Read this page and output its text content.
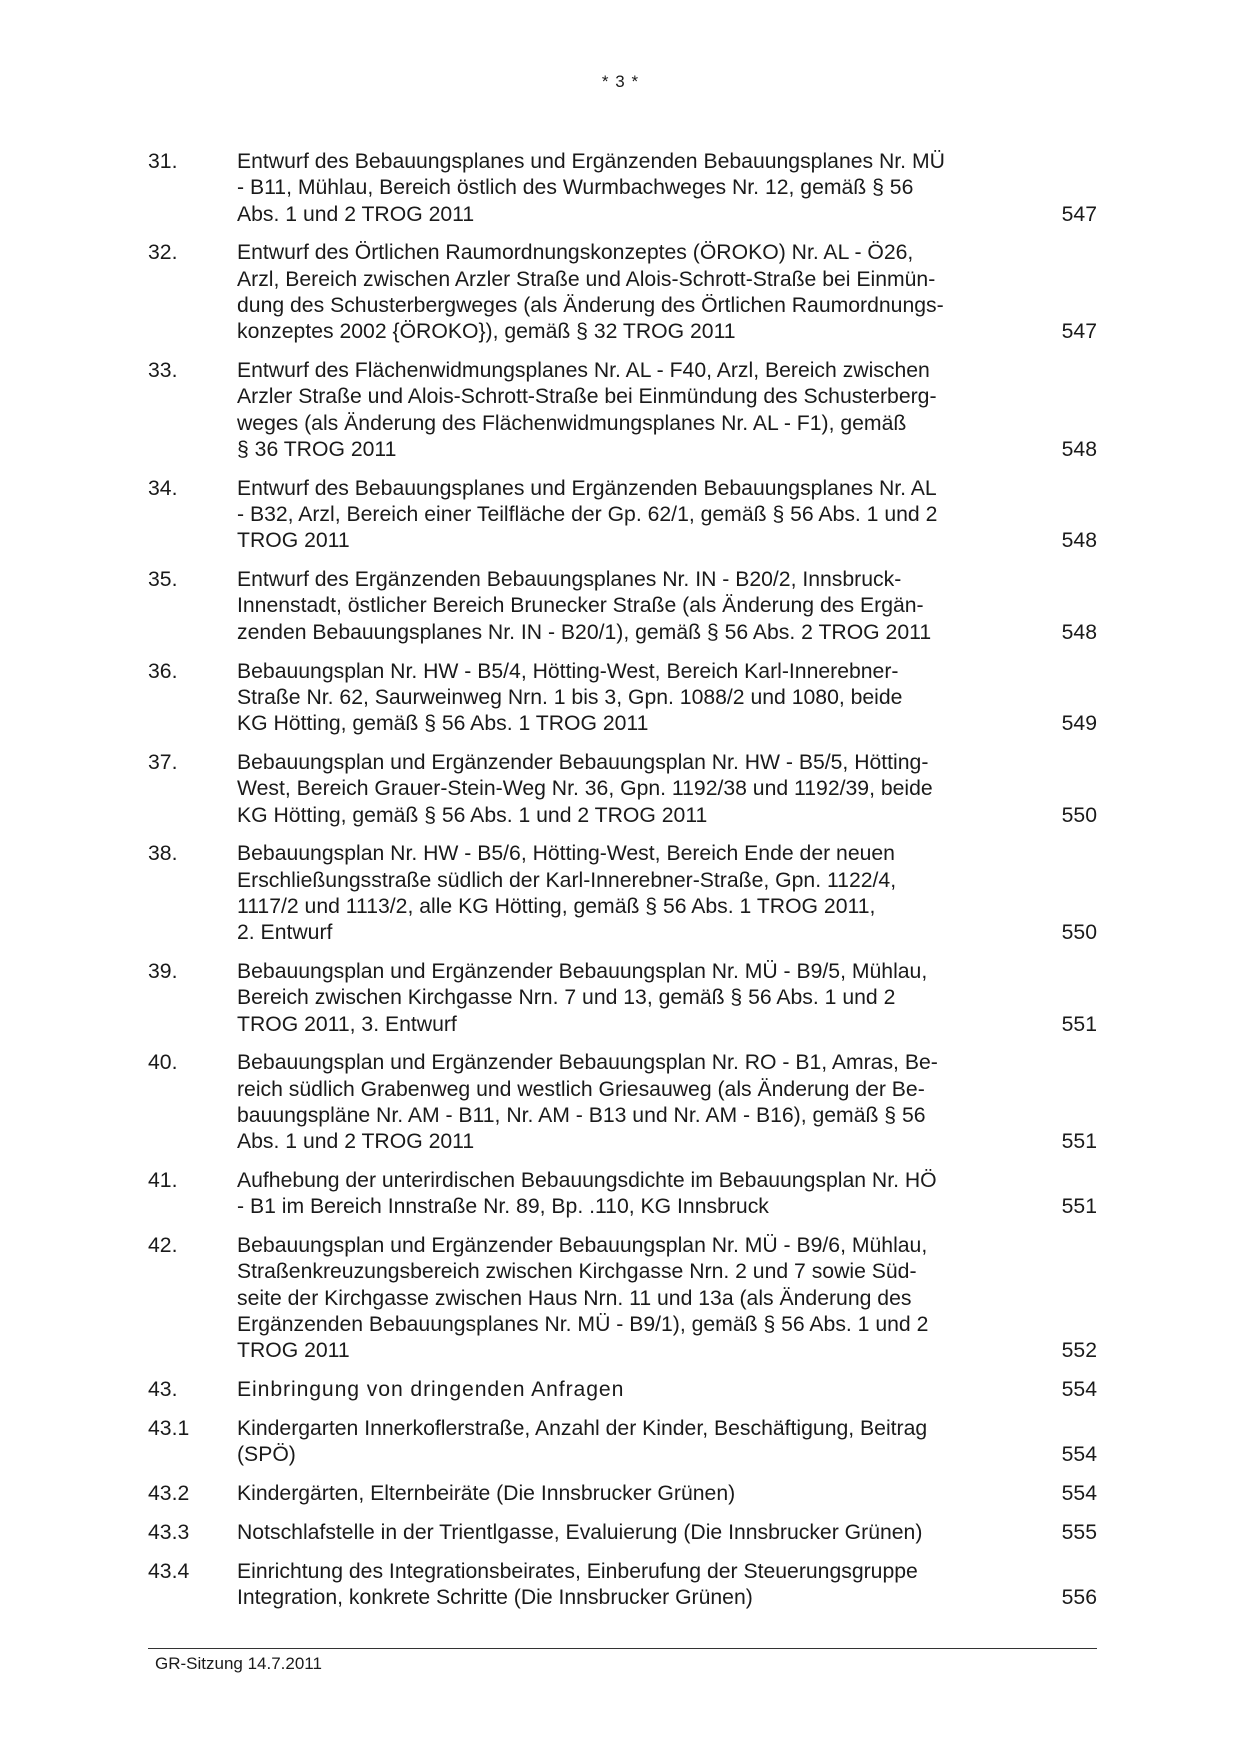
* 3 *
31.	Entwurf des Bebauungsplanes und Ergänzenden Bebauungsplanes Nr. MÜ
- B11, Mühlau, Bereich östlich des Wurmbachweges Nr. 12, gemäß § 56
Abs. 1 und 2 TROG 2011	547
32.	Entwurf des Örtlichen Raumordnungskonzeptes (ÖROKO) Nr. AL - Ö26,
Arzl, Bereich zwischen Arzler Straße und Alois-Schrott-Straße bei Einmün-
dung des Schusterbergweges (als Änderung des Örtlichen Raumordnungs-
konzeptes 2002 {ÖROKO}), gemäß § 32 TROG 2011	547
33.	Entwurf des Flächenwidmungsplanes Nr. AL - F40, Arzl, Bereich zwischen
Arzler Straße und Alois-Schrott-Straße bei Einmündung des Schusterberg-
weges (als Änderung des Flächenwidmungsplanes Nr. AL - F1), gemäß
§ 36 TROG 2011	548
34.	Entwurf des Bebauungsplanes und Ergänzenden Bebauungsplanes Nr. AL
- B32, Arzl, Bereich einer Teilfläche der Gp. 62/1, gemäß § 56 Abs. 1 und 2
TROG 2011	548
35.	Entwurf des Ergänzenden Bebauungsplanes Nr. IN - B20/2, Innsbruck-
Innenstadt, östlicher Bereich Brunecker Straße (als Änderung des Ergän-
zenden Bebauungsplanes Nr. IN - B20/1), gemäß § 56 Abs. 2 TROG 2011	548
36.	Bebauungsplan Nr. HW - B5/4, Hötting-West, Bereich Karl-Innerebner-
Straße Nr. 62, Saurweinweg Nrn. 1 bis 3, Gpn. 1088/2 und 1080, beide
KG Hötting, gemäß § 56 Abs. 1 TROG 2011	549
37.	Bebauungsplan und Ergänzender Bebauungsplan Nr. HW - B5/5, Hötting-
West, Bereich Grauer-Stein-Weg Nr. 36, Gpn. 1192/38 und 1192/39, beide
KG Hötting, gemäß § 56 Abs. 1 und 2 TROG 2011	550
38.	Bebauungsplan Nr. HW - B5/6, Hötting-West, Bereich Ende der neuen
Erschließungsstraße südlich der Karl-Innerebner-Straße, Gpn. 1122/4,
1117/2 und 1113/2, alle KG Hötting, gemäß § 56 Abs. 1 TROG 2011,
2. Entwurf	550
39.	Bebauungsplan und Ergänzender Bebauungsplan Nr. MÜ - B9/5, Mühlau,
Bereich zwischen Kirchgasse Nrn. 7 und 13, gemäß § 56 Abs. 1 und 2
TROG 2011, 3. Entwurf	551
40.	Bebauungsplan und Ergänzender Bebauungsplan Nr. RO - B1, Amras, Be-
reich südlich Grabenweg und westlich Griesauweg (als Änderung der Be-
bauungspläne Nr. AM - B11, Nr. AM - B13 und Nr. AM - B16), gemäß § 56
Abs. 1 und 2 TROG 2011	551
41.	Aufhebung der unterirdischen Bebauungsdichte im Bebauungsplan Nr. HÖ
- B1 im Bereich Innstraße Nr. 89, Bp. .110, KG Innsbruck	551
42.	Bebauungsplan und Ergänzender Bebauungsplan Nr. MÜ - B9/6, Mühlau,
Straßenkreuzungsbereich zwischen Kirchgasse Nrn. 2 und 7 sowie Süd-
seite der Kirchgasse zwischen Haus Nrn. 11 und 13a (als Änderung des
Ergänzenden Bebauungsplanes Nr. MÜ - B9/1), gemäß § 56 Abs. 1 und 2
TROG 2011	552
43.	Einbringung von dringenden Anfragen	554
43.1	Kindergarten Innerkoflerstraße, Anzahl der Kinder, Beschäftigung, Beitrag
(SPÖ)	554
43.2	Kindergärten, Elternbeiräte (Die Innsbrucker Grünen)	554
43.3	Notschlafstelle in der Trientlgasse, Evaluierung (Die Innsbrucker Grünen)	555
43.4	Einrichtung des Integrationsbeirates, Einberufung der Steuerungsgruppe
Integration, konkrete Schritte (Die Innsbrucker Grünen)	556
GR-Sitzung 14.7.2011
